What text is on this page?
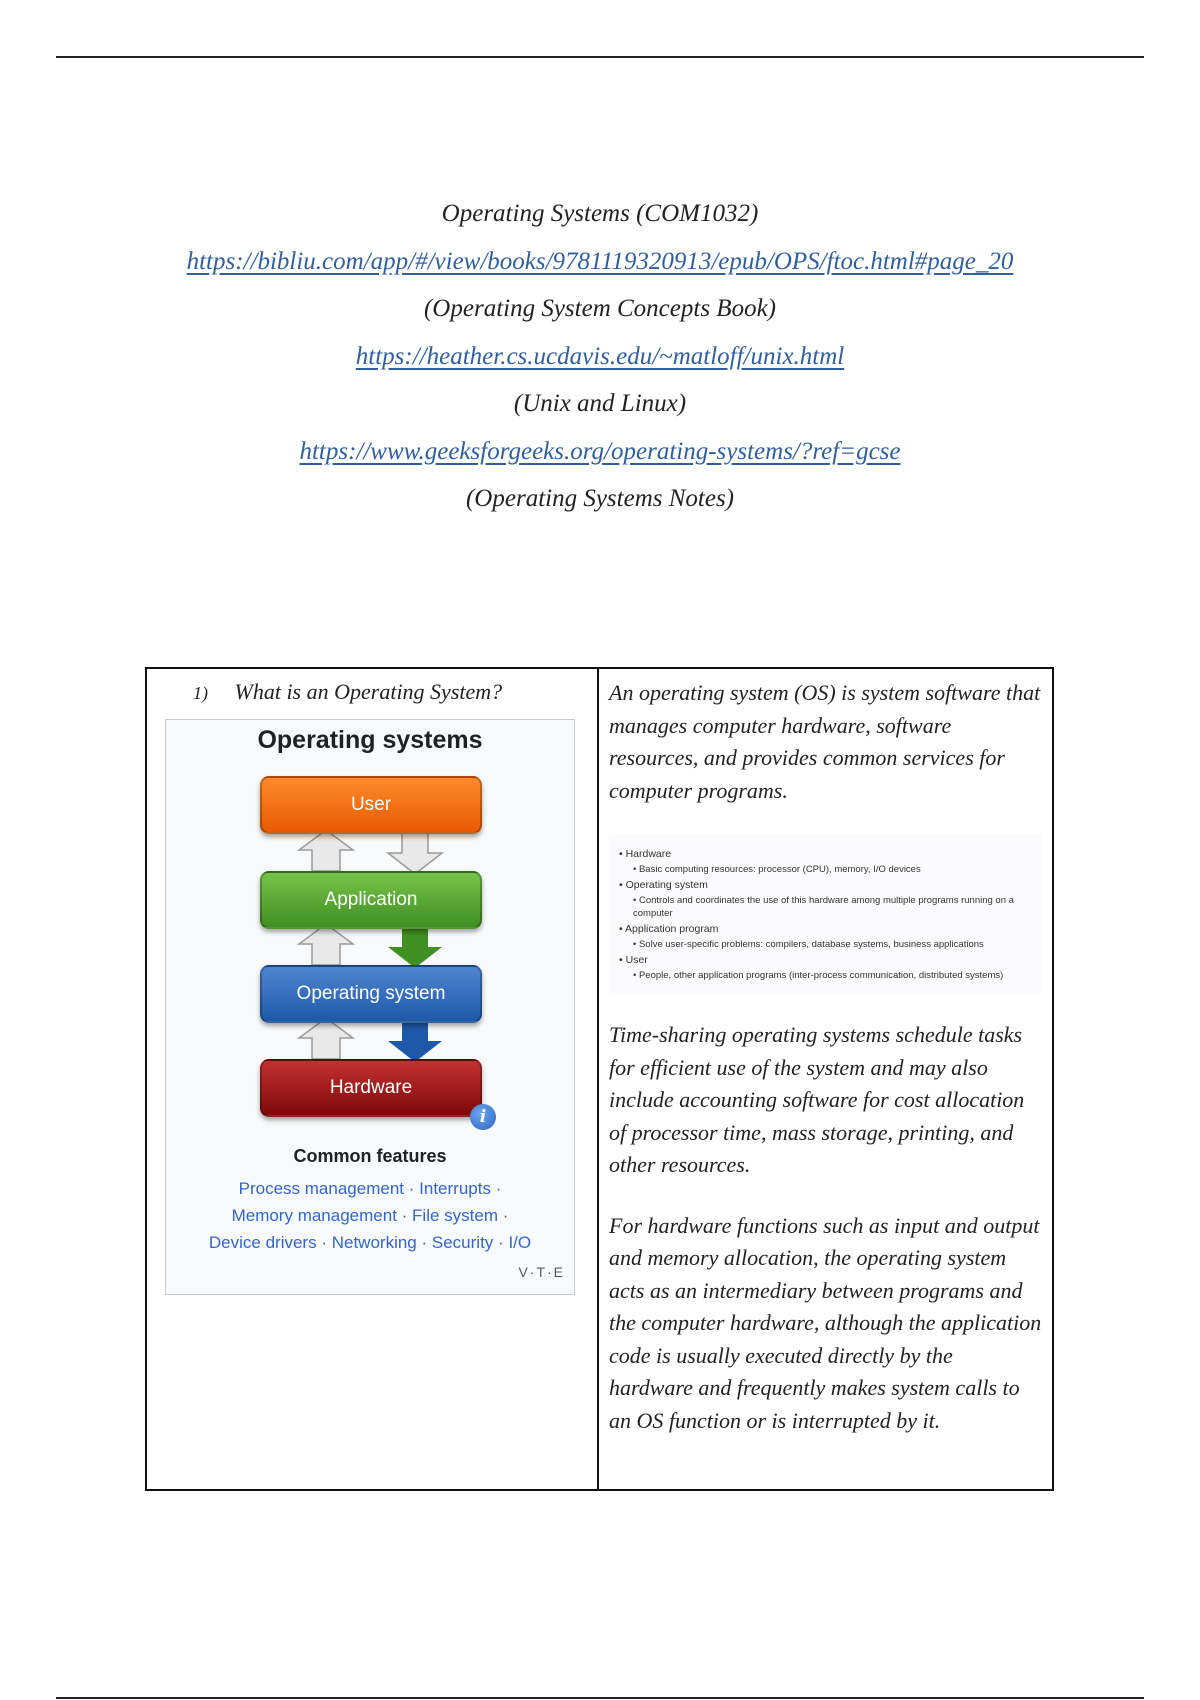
Operating Systems (COM1032)
https://bibliu.com/app/#/view/books/9781119320913/epub/OPS/ftoc.html#page_20
(Operating System Concepts Book)
https://heather.cs.ucdavis.edu/~matloff/unix.html
(Unix and Linux)
https://www.geeksforgeeks.org/operating-systems/?ref=gcse
(Operating Systems Notes)
1) What is an Operating System?
Operating systems
User
Application
Operating system
Hardware
i
Common features
Process management · Interrupts ·
Memory management · File system ·
Device drivers · Networking · Security · I/O
V·T·E

An operating system (OS) is system software that manages computer hardware, software resources, and provides common services for computer programs.

• Hardware
• Basic computing resources: processor (CPU), memory, I/O devices
• Operating system
• Controls and coordinates the use of this hardware among multiple programs running on a computer
• Application program
• Solve user-specific problems: compilers, database systems, business applications
• User
• People, other application programs (inter-process communication, distributed systems)

Time-sharing operating systems schedule tasks for efficient use of the system and may also include accounting software for cost allocation of processor time, mass storage, printing, and other resources.

For hardware functions such as input and output and memory allocation, the operating system acts as an intermediary between programs and the computer hardware, although the application code is usually executed directly by the hardware and frequently makes system calls to an OS function or is interrupted by it.
